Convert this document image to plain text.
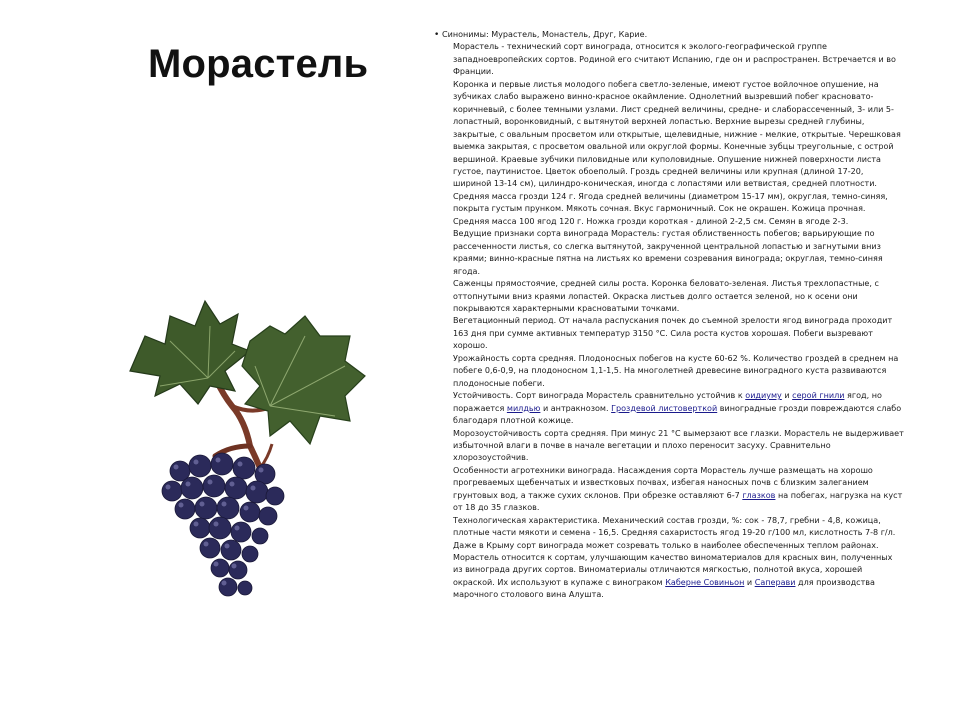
Морастель
• Синонимы: Мурастель, Монастель, Друг, Карие.

Морастель - технический сорт винограда, относится к эколого-географической группе западноевропейских сортов. Родиной его считают Испанию, где он и распространен. Встречается и во Франции.

Коронка и первые листья молодого побега светло-зеленые, имеют густое войлочное опушение, на зубчиках слабо выражено винно-красное окаймление. Однолетний вызревший побег красновато-коричневый, с более темными узлами. Лист средней величины, средне- и слаборассеченный, 3- или 5-лопастный, воронковидный, с вытянутой верхней лопастью. Верхние вырезы средней глубины, закрытые, с овальным просветом или открытые, щелевидные, нижние - мелкие, открытые. Черешковая выемка закрытая, с просветом овальной или округлой формы. Конечные зубцы треугольные, с острой вершиной. Краевые зубчики пиловидные или куполовидные. Опушение нижней поверхности листа густое, паутинистое. Цветок обоеполый. Гроздь средней величины или крупная (длиной 17-20, шириной 13-14 см), цилиндро-коническая, иногда с лопастями или ветвистая, средней плотности. Средняя масса грозди 124 г. Ягода средней величины (диаметром 15-17 мм), округлая, темно-синяя, покрыта густым прунком. Мякоть сочная. Вкус гармоничный. Сок не окрашен. Кожица прочная. Средняя масса 100 ягод 120 г. Ножка грозди короткая - длиной 2-2,5 см. Семян в ягоде 2-3.

Ведущие признаки сорта винограда Морастель: густая облиственность побегов; варьирующие по рассеченности листья, со слегка вытянутой, закрученной центральной лопастью и загнутыми вниз краями; винно-красные пятна на листьях ко времени созревания винограда; округлая, темно-синяя ягода.

Саженцы прямостоячие, средней силы роста. Коронка беловато-зеленая. Листья трехлопастные, с оттопнутыми вниз краями лопастей. Окраска листьев долго остается зеленой, но к осени они покрываются характерными красноватыми точками.

Вегетационный период. От начала распускания почек до съемной зрелости ягод винограда проходит 163 дня при сумме активных температур 3150 °С. Сила роста кустов хорошая. Побеги вызревают хорошо.

Урожайность сорта средняя. Плодоносных побегов на кусте 60-62 %. Количество гроздей в среднем на побеге 0,6-0,9, на плодоносном 1,1-1,5. На многолетней древесине виноградного куста развиваются плодоносные побеги.

Устойчивость. Сорт винограда Морастель сравнительно устойчив к оидиуму и серой гнили ягод, но поражается милдью и антракнозом. Гроздевой листоверткой виноградные грозди повреждаются слабо благодаря плотной кожице.

Морозоустойчивость сорта средняя. При минус 21 °С вымерзают все глазки. Морастель не выдерживает избыточной влаги в почве в начале вегетации и плохо переносит засуху. Сравнительно хлорозоустойчив.

Особенности агротехники винограда. Насаждения сорта Морастель лучше размещать на хорошо прогреваемых щебенчатых и известковых почвах, избегая наносных почв с близким залеганием грунтовых вод, а также сухих склонов. При обрезке оставляют 6-7 глазков на побегах, нагрузка на куст от 18 до 35 глазков.

Технологическая характеристика. Механический состав грозди, %: сок - 78,7, гребни - 4,8, кожица, плотные части мякоти и семена - 16,5. Средняя сахаристость ягод 19-20 г/100 мл, кислотность 7-8 г/л. Даже в Крыму сорт винограда может созревать только в наиболее обеспеченных теплом районах.

Морастель относится к сортам, улучшающим качество виноматериалов для красных вин, полученных из винограда других сортов. Виноматериалы отличаются мягкостью, полнотой вкуса, хорошей окраской. Их используют в купаже с винограком Каберне Совиньон и Саперави для производства марочного столового вина Алушта.
